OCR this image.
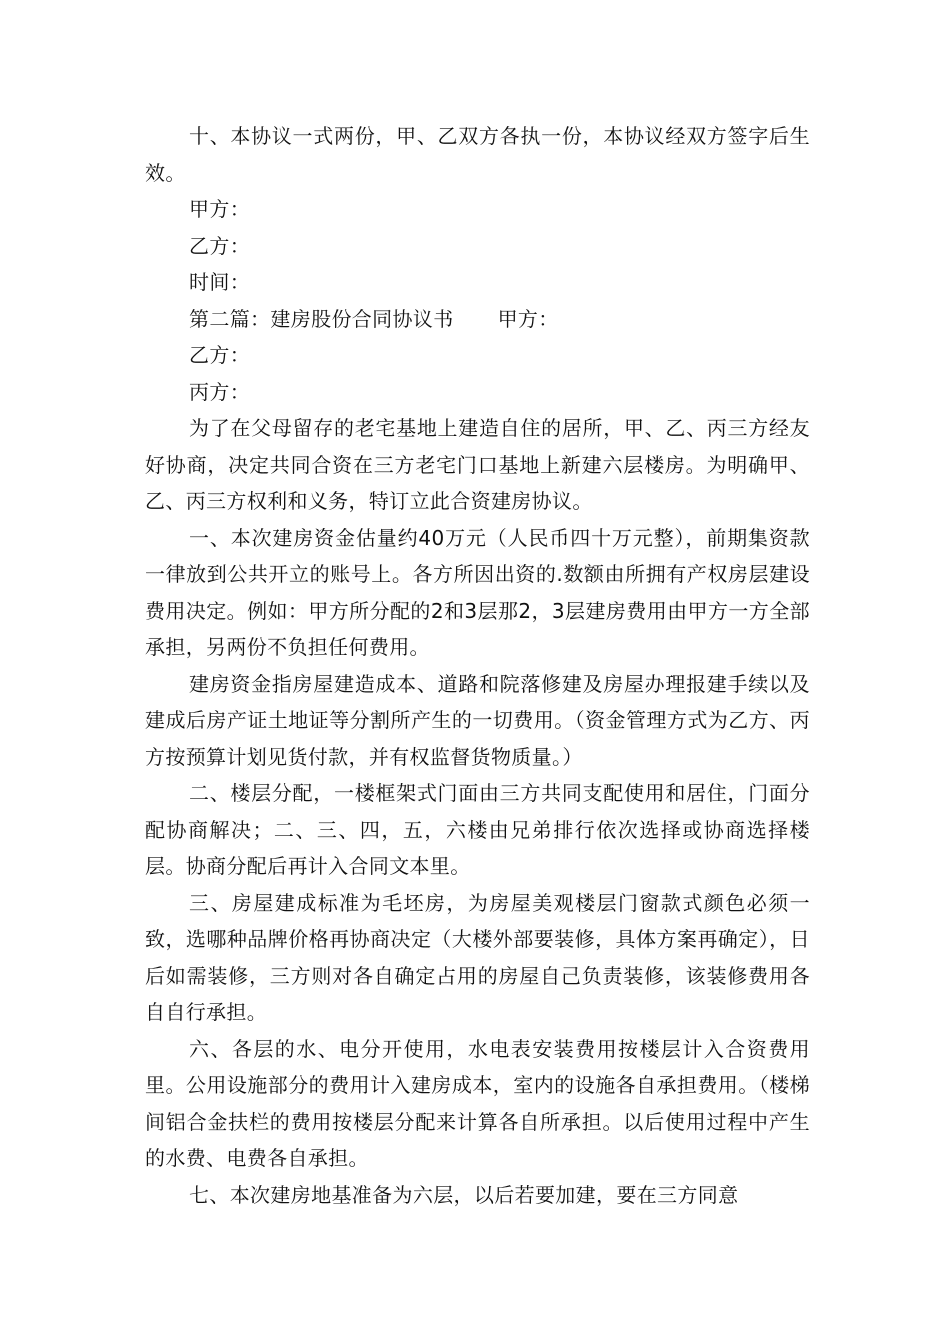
十、本协议一式两份，甲、乙双方各执一份，本协议经双方签字后生效。

甲方：

乙方：

时间：

第二篇：建房股份合同协议书 甲方：

乙方：

丙方：

为了在父母留存的老宅基地上建造自住的居所，甲、乙、丙三方经友好协商，决定共同合资在三方老宅门口基地上新建六层楼房。为明确甲、乙、丙三方权利和义务，特订立此合资建房协议。

一、本次建房资金估量约40万元（人民币四十万元整），前期集资款一律放到公共开立的账号上。各方所因出资的.数额由所拥有产权房层建设费用决定。例如：甲方所分配的2和3层那2，3层建房费用由甲方一方全部承担，另两份不负担任何费用。

建房资金指房屋建造成本、道路和院落修建及房屋办理报建手续以及建成后房产证土地证等分割所产生的一切费用。（资金管理方式为乙方、丙方按预算计划见货付款，并有权监督货物质量。）

二、楼层分配，一楼框架式门面由三方共同支配使用和居住，门面分配协商解决；二、三、四，五，六楼由兄弟排行依次选择或协商选择楼层。协商分配后再计入合同文本里。

三、房屋建成标准为毛坯房，为房屋美观楼层门窗款式颜色必须一致，选哪种品牌价格再协商决定（大楼外部要装修，具体方案再确定），日后如需装修，三方则对各自确定占用的房屋自己负责装修，该装修费用各自自行承担。

六、各层的水、电分开使用，水电表安装费用按楼层计入合资费用里。公用设施部分的费用计入建房成本，室内的设施各自承担费用。（楼梯间铝合金扶栏的费用按楼层分配来计算各自所承担。以后使用过程中产生的水费、电费各自承担。

七、本次建房地基准备为六层，以后若要加建，要在三方同意
